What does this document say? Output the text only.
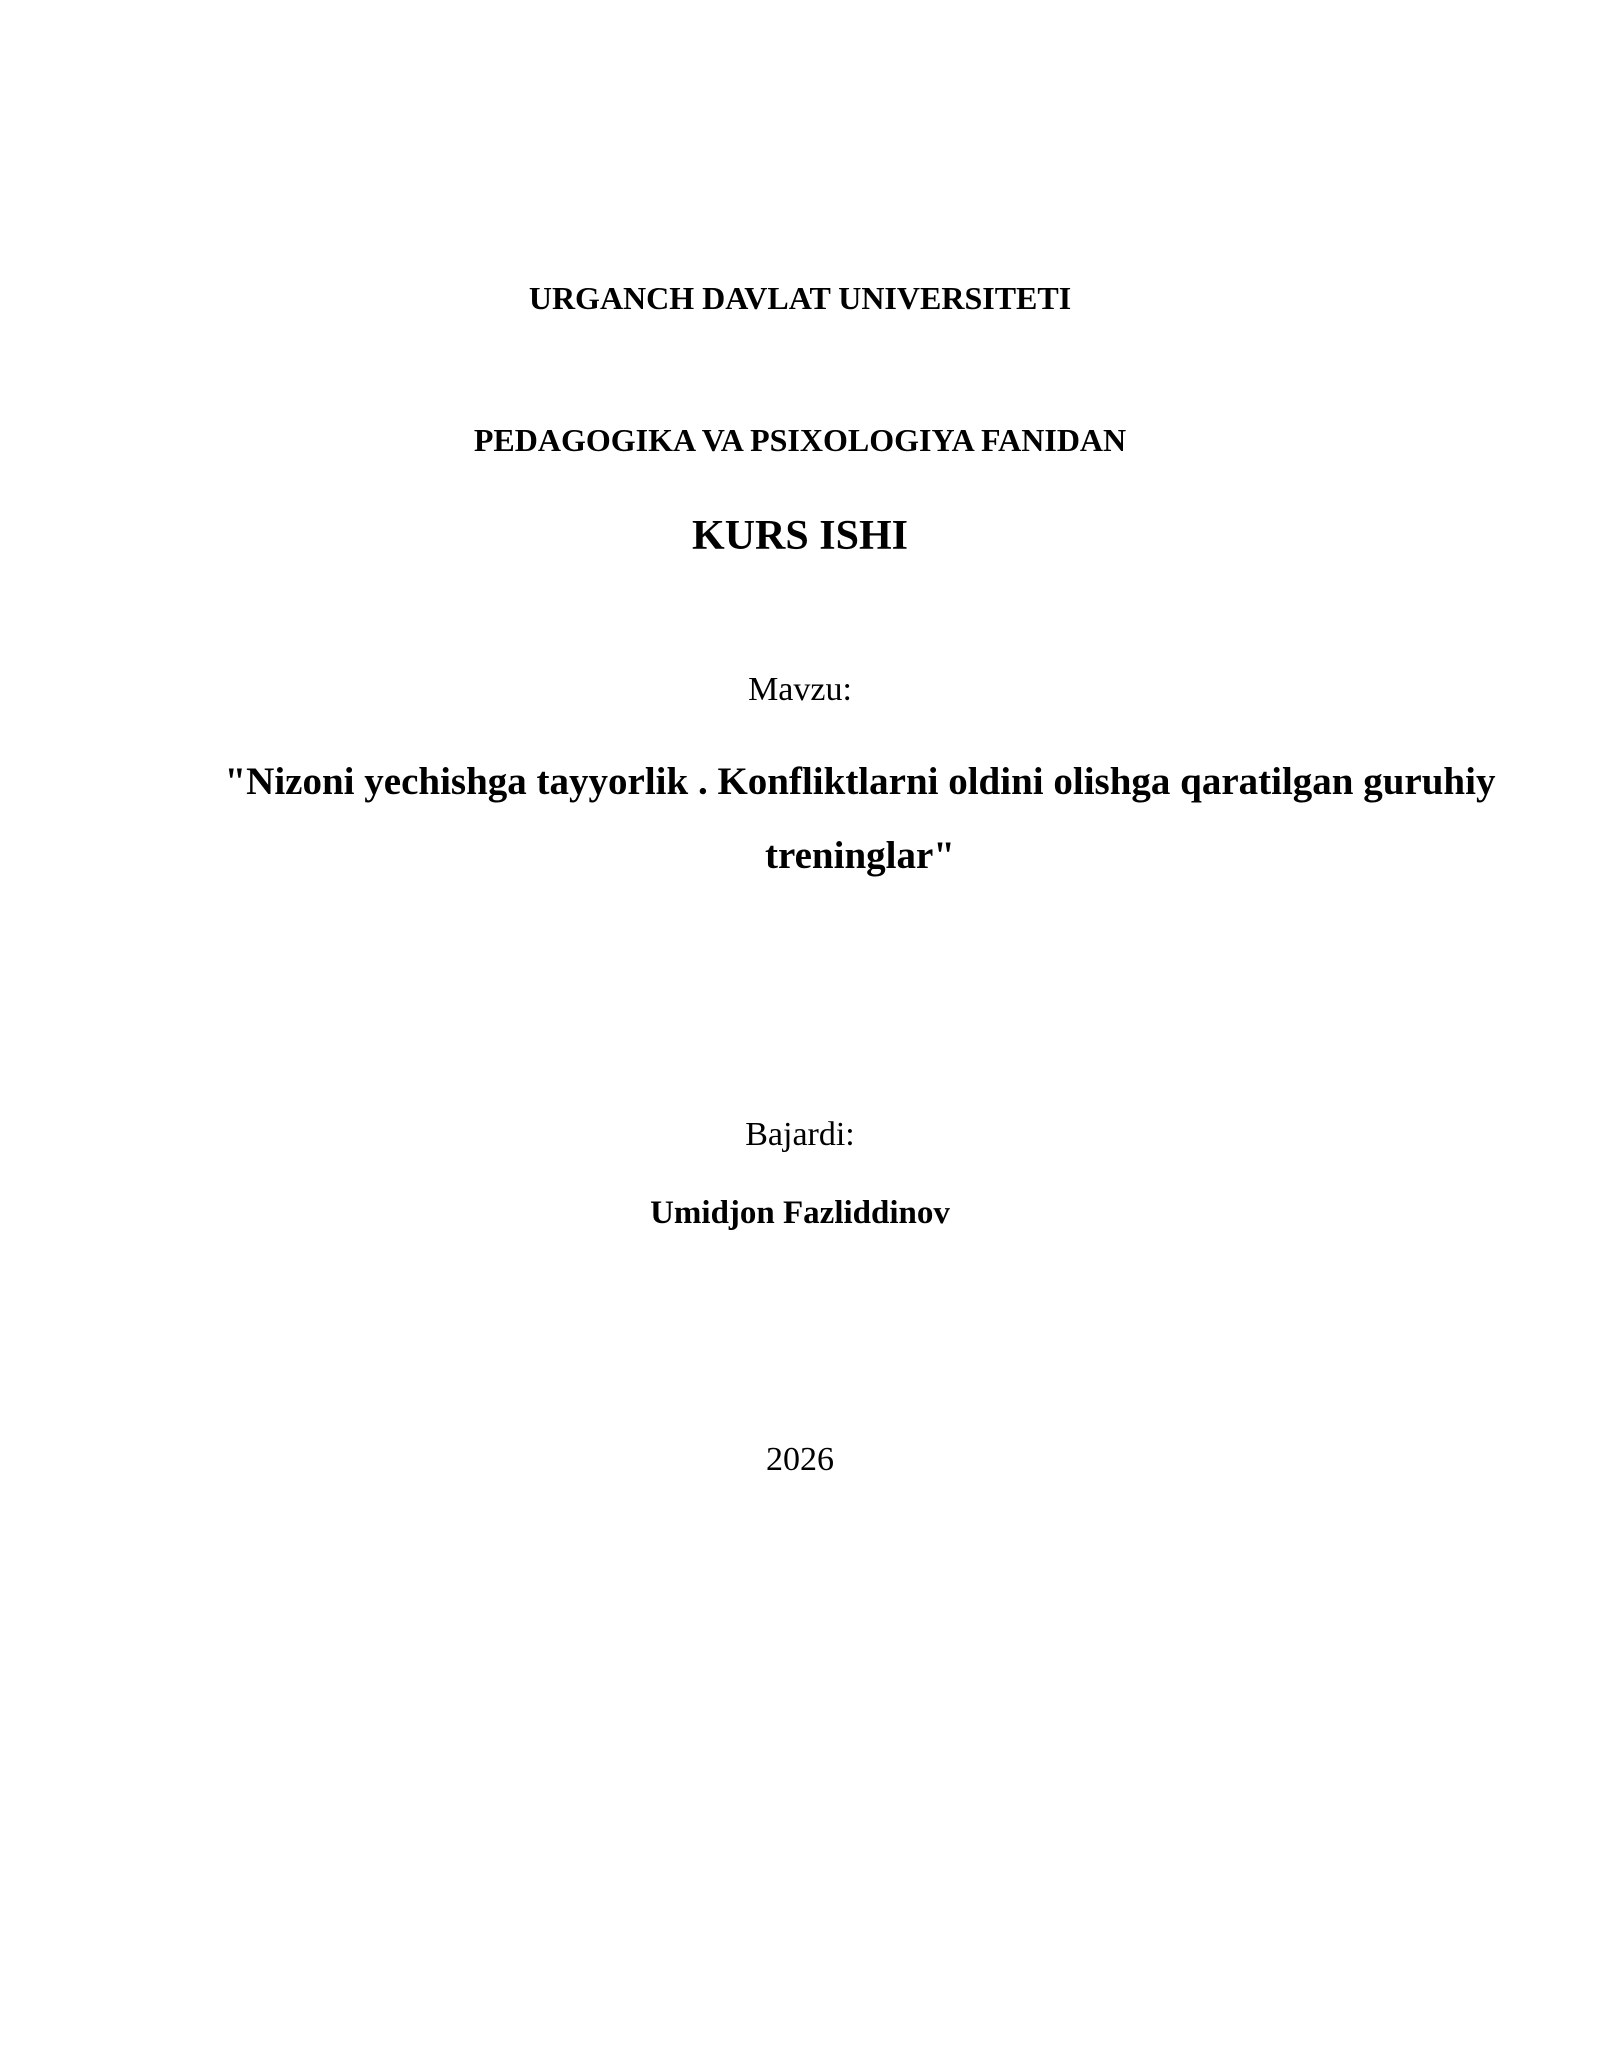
URGANCH DAVLAT UNIVERSITETI
PEDAGOGIKA VA PSIXOLOGIYA FANIDAN
KURS ISHI
Mavzu:
"Nizoni yechishga tayyorlik . Konfliktlarni oldini olishga qaratilgan guruhiy treninglar"
Bajardi:
Umidjon Fazliddinov
2026
